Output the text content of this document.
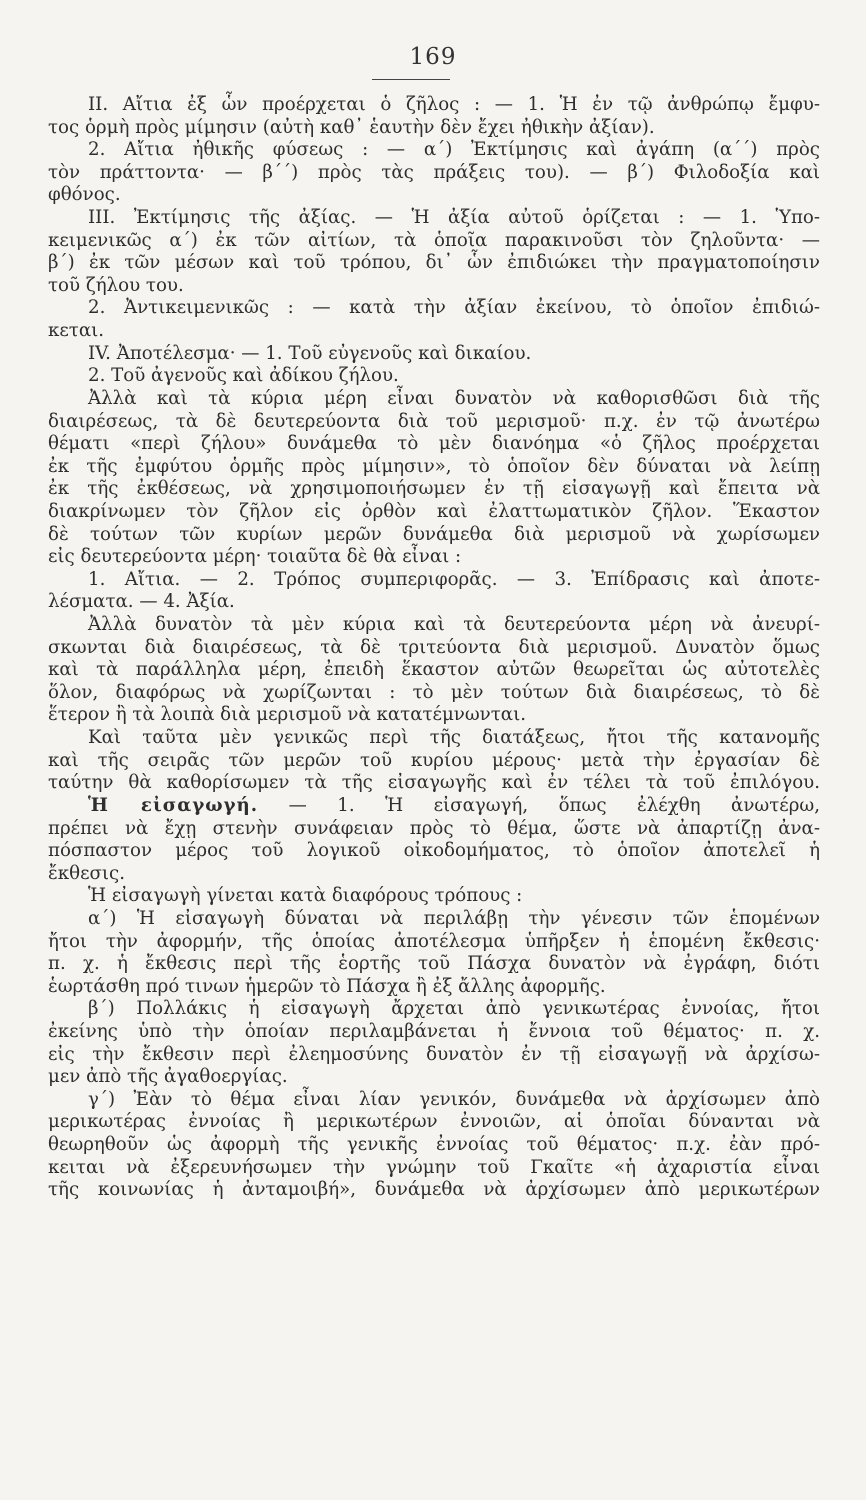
169
II. Αἴτια ἐξ ὧν προέρχεται ὁ ζῆλος : — 1. Ἡ ἐν τῷ ἀνθρώπῳ ἔμφυ-
τος ὁρμὴ πρὸς μίμησιν (αὐτὴ καθ᾽ ἑαυτὴν δὲν ἔχει ἠθικὴν ἀξίαν).
2. Αἴτια ἠθικῆς φύσεως : — α΄) Ἐκτίμησις καὶ ἀγάπη (α΄΄) πρὸς
τὸν πράττοντα· — β΄΄) πρὸς τὰς πράξεις του). — β΄) Φιλοδοξία καὶ
φθόνος.
III. Ἐκτίμησις τῆς ἀξίας. — Ἡ ἀξία αὐτοῦ ὁρίζεται : — 1. Ὑπο-
κειμενικῶς α΄) ἐκ τῶν αἰτίων, τὰ ὁποῖα παρακινοῦσι τὸν ζηλοῦντα· —
β΄) ἐκ τῶν μέσων καὶ τοῦ τρόπου, δι᾽ ὧν ἐπιδιώκει τὴν πραγματοποίησιν
τοῦ ζήλου του.
2. Ἀντικειμενικῶς : — κατὰ τὴν ἀξίαν ἐκείνου, τὸ ὁποῖον ἐπιδιώ-
κεται.
IV. Ἀποτέλεσμα· — 1. Τοῦ εὐγενοῦς καὶ δικαίου.
2. Τοῦ ἀγενοῦς καὶ ἀδίκου ζήλου.
Ἀλλὰ καὶ τὰ κύρια μέρη εἶναι δυνατὸν νὰ καθορισθῶσι διὰ τῆς
διαιρέσεως, τὰ δὲ δευτερεύοντα διὰ τοῦ μερισμοῦ· π.χ. ἐν τῷ ἀνωτέρω
θέματι «περὶ ζήλου» δυνάμεθα τὸ μὲν διανόημα «ὁ ζῆλος προέρχεται
ἐκ τῆς ἐμφύτου ὁρμῆς πρὸς μίμησιν», τὸ ὁποῖον δὲν δύναται νὰ λείπῃ
ἐκ τῆς ἐκθέσεως, νὰ χρησιμοποιήσωμεν ἐν τῇ εἰσαγωγῇ καὶ ἔπειτα νὰ
διακρίνωμεν τὸν ζῆλον εἰς ὀρθὸν καὶ ἐλαττωματικὸν ζῆλον. Ἕκαστον
δὲ τούτων τῶν κυρίων μερῶν δυνάμεθα διὰ μερισμοῦ νὰ χωρίσωμεν
εἰς δευτερεύοντα μέρη· τοιαῦτα δὲ θὰ εἶναι :
1. Αἴτια. — 2. Τρόπος συμπεριφορᾶς. — 3. Ἐπίδρασις καὶ ἀποτε-
λέσματα. — 4. Ἀξία.
Ἀλλὰ δυνατὸν τὰ μὲν κύρια καὶ τὰ δευτερεύοντα μέρη νὰ ἀνευρί-
σκωνται διὰ διαιρέσεως, τὰ δὲ τριτεύοντα διὰ μερισμοῦ. Δυνατὸν ὅμως
καὶ τὰ παράλληλα μέρη, ἐπειδὴ ἕκαστον αὐτῶν θεωρεῖται ὡς αὐτοτελὲς
ὅλον, διαφόρως νὰ χωρίζωνται : τὸ μὲν τούτων διὰ διαιρέσεως, τὸ δὲ
ἕτερον ἢ τὰ λοιπὰ διὰ μερισμοῦ νὰ κατατέμνωνται.
Καὶ ταῦτα μὲν γενικῶς περὶ τῆς διατάξεως, ἤτοι τῆς κατανομῆς
καὶ τῆς σειρᾶς τῶν μερῶν τοῦ κυρίου μέρους· μετὰ τὴν ἐργασίαν δὲ
ταύτην θὰ καθορίσωμεν τὰ τῆς εἰσαγωγῆς καὶ ἐν τέλει τὰ τοῦ ἐπιλόγου.
Ἡ εἰσαγωγή. — 1. Ἡ εἰσαγωγή, ὅπως ἐλέχθη ἀνωτέρω,
πρέπει νὰ ἔχῃ στενὴν συνάφειαν πρὸς τὸ θέμα, ὥστε νὰ ἀπαρτίζῃ ἀνα-
πόσπαστον μέρος τοῦ λογικοῦ οἰκοδομήματος, τὸ ὁποῖον ἀποτελεῖ ἡ
ἔκθεσις.
Ἡ εἰσαγωγὴ γίνεται κατὰ διαφόρους τρόπους :
α΄) Ἡ εἰσαγωγὴ δύναται νὰ περιλάβῃ τὴν γένεσιν τῶν ἑπομένων
ἤτοι τὴν ἀφορμήν, τῆς ὁποίας ἀποτέλεσμα ὑπῆρξεν ἡ ἑπομένη ἔκθεσις·
π. χ. ἡ ἔκθεσις περὶ τῆς ἑορτῆς τοῦ Πάσχα δυνατὸν νὰ ἐγράφη, διότι
ἑωρτάσθη πρό τινων ἡμερῶν τὸ Πάσχα ἢ ἐξ ἄλλης ἀφορμῆς.
β΄) Πολλάκις ἡ εἰσαγωγὴ ἄρχεται ἀπὸ γενικωτέρας ἐννοίας, ἤτοι
ἐκείνης ὑπὸ τὴν ὁποίαν περιλαμβάνεται ἡ ἔννοια τοῦ θέματος· π. χ.
εἰς τὴν ἔκθεσιν περὶ ἐλεημοσύνης δυνατὸν ἐν τῇ εἰσαγωγῇ νὰ ἀρχίσω-
μεν ἀπὸ τῆς ἀγαθοεργίας.
γ΄) Ἐὰν τὸ θέμα εἶναι λίαν γενικόν, δυνάμεθα νὰ ἀρχίσωμεν ἀπὸ
μερικωτέρας ἐννοίας ἢ μερικωτέρων ἐννοιῶν, αἱ ὁποῖαι δύνανται νὰ
θεωρηθοῦν ὡς ἀφορμὴ τῆς γενικῆς ἐννοίας τοῦ θέματος· π.χ. ἐὰν πρό-
κειται νὰ ἐξερευνήσωμεν τὴν γνώμην τοῦ Γκαῖτε «ἡ ἀχαριστία εἶναι
τῆς κοινωνίας ἡ ἀνταμοιβή», δυνάμεθα νὰ ἀρχίσωμεν ἀπὸ μερικωτέρων
